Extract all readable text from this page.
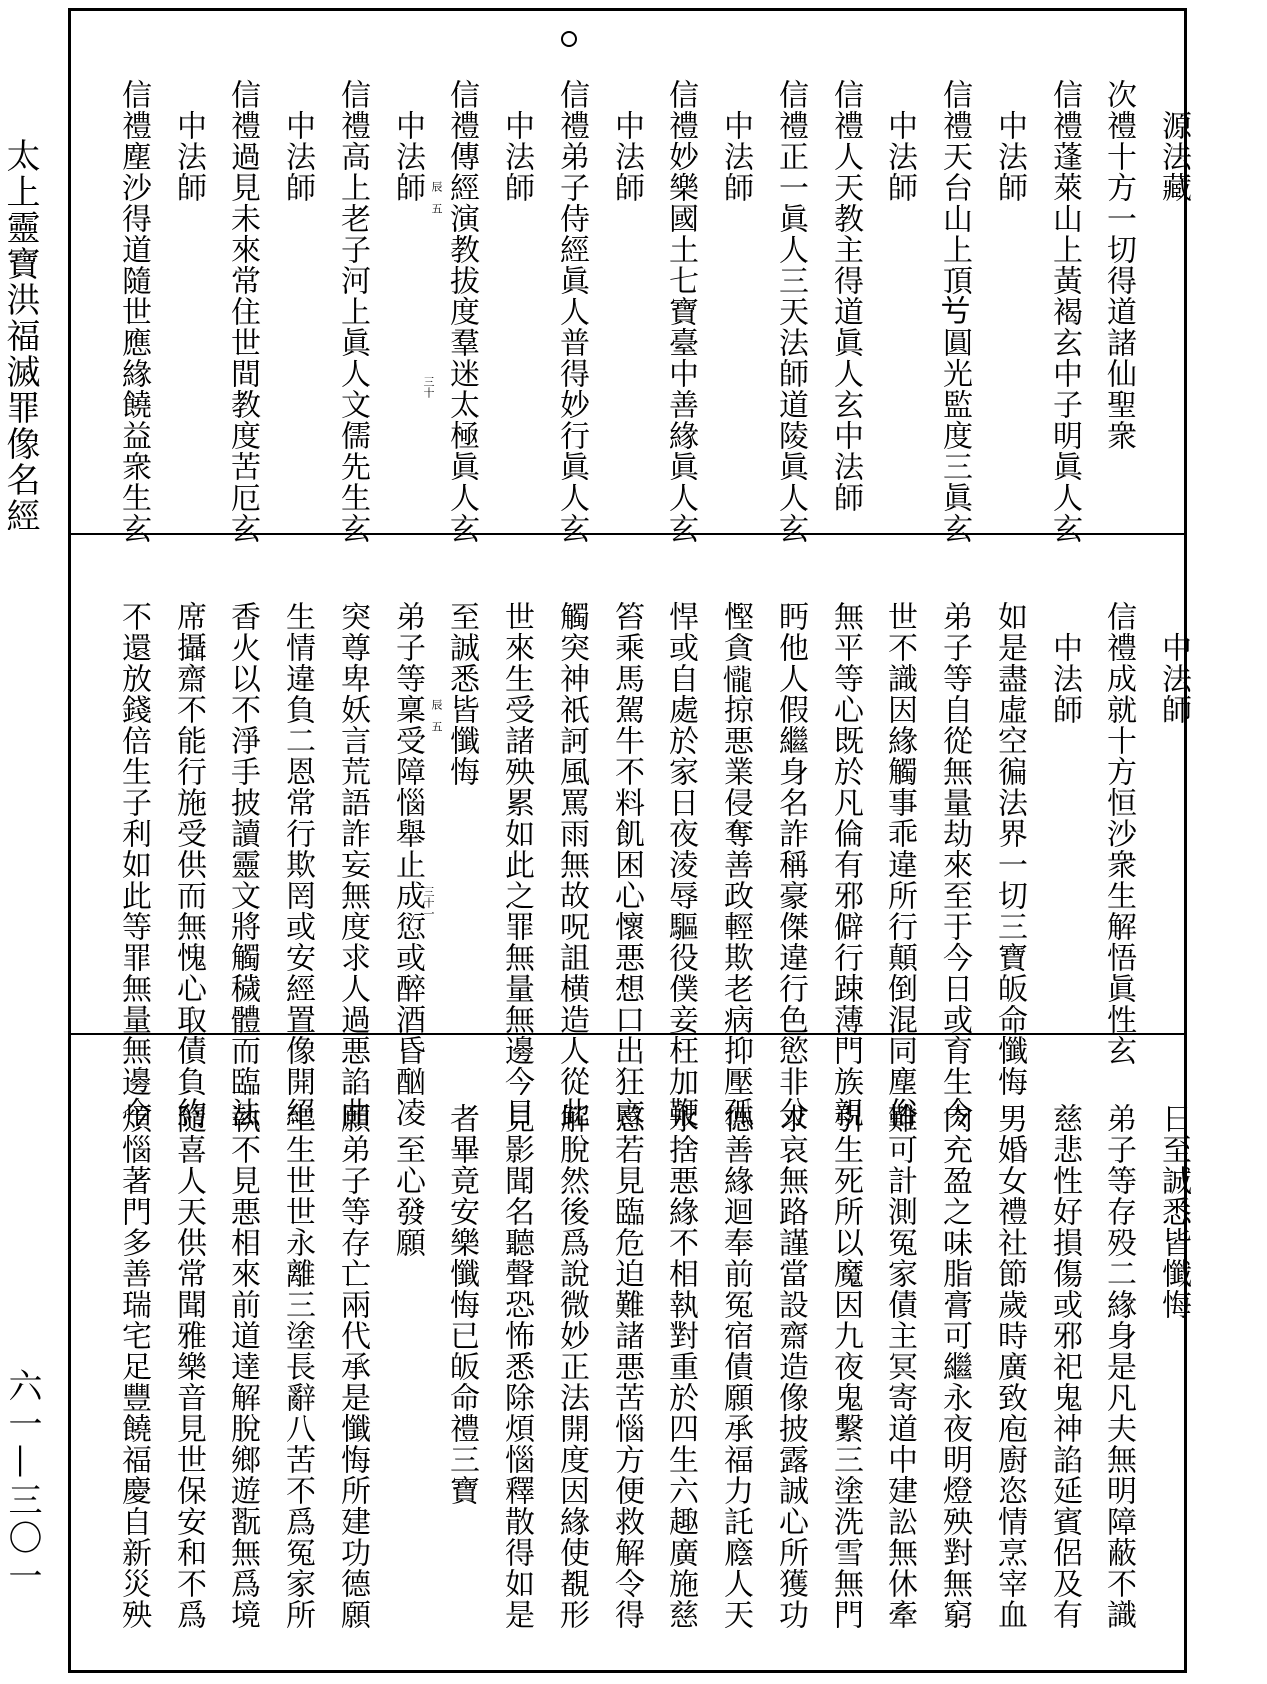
太上靈寶洪福滅罪像名經
六一—三〇一
　源法藏
次禮十方一切得道諸仙聖衆
信禮蓬萊山上黃褐玄中子明眞人玄
　中法師
信禮天台山上頂𠔃圓光監度三眞玄
　中法師
信禮人天教主得道眞人玄中法師
信禮正一眞人三天法師道陵眞人玄
　中法師
信禮妙樂國土七寶臺中善緣眞人玄
　中法師
信禮弟子侍經眞人普得妙行眞人玄
　中法師
信禮傳經演教拔度羣迷太極眞人玄
　中法師
信禮高上老子河上眞人文儒先生玄
　中法師
信禮過見未來常住世間教度苦厄玄
　中法師
信禮塵沙得道隨世應緣饒益衆生玄
　中法師
信禮成就十方恒沙衆生解悟眞性玄
　中法師
如是盡虛空徧法界一切三寶皈命懺悔
弟子等自從無量劫來至于今日或育生今
世不識因緣觸事乖違所行顛倒混同塵俗
無平等心既於凡倫有邪僻行踈薄門族親
眄他人假繼身名詐稱豪傑違行色慾非分
慳貪𢤱掠悪業侵奪善政輕欺老病抑壓孤
悍或自處於家日夜淩辱驅役僕妾枉加鞭
笞乘馬駕牛不料飢困心懷悪想口出狂言
觸突神祇訶風罵雨無故呪詛横造人從此
世來生受諸殃累如此之罪無量無邊今日
至誠悉皆懺悔
弟子等稟受障惱舉止成愆或醉酒昏酗凌
突尊卑妖言荒語詐妄無度求人過悪諂曲
生情違負二恩常行欺罔或安經置像開絕
香火以不淨手披讀靈文將觸穢體而臨法
席攝齋不能行施受供而無愧心取債負約
不還放錢倍生子利如此等罪無量無邊今
日至誠悉皆懺悔
弟子等存殁二緣身是凡夫無明障蔽不識
慈悲性好損傷或邪祀鬼神諂延賓侶及有
男婚女禮社節歲時廣致庖廚恣情烹宰血
肉充盈之味脂膏可繼永夜明燈殃對無窮
難可計測冤家債主冥寄道中建訟無休牽
引生死所以魔因九夜鬼繫三塗洗雪無門
求哀無路謹當設齋造像披露誠心所獲功
德善緣迴奉前冤宿債願承福力託廕人天
永捨悪緣不相執對重於四生六趣廣施慈
愍若見臨危迫難諸悪苦惱方便救解令得
解脫然後爲說微妙正法開度因緣使覩形
見影聞名聽聲恐怖悉除煩惱釋散得如是
者畢竟安樂懺悔已皈命禮三寶
　至心發願
願弟子等存亡兩代承是懺悔所建功德願
生生世世永離三塗長辭八苦不爲冤家所
執不見悪相來前道達解脫鄉遊翫無爲境
隨喜人天供常聞雅樂音見世保安和不爲
煩惱著門多善瑞宅足豐饒福慶自新災殃
辰　五
三十
辰　五
三十一
